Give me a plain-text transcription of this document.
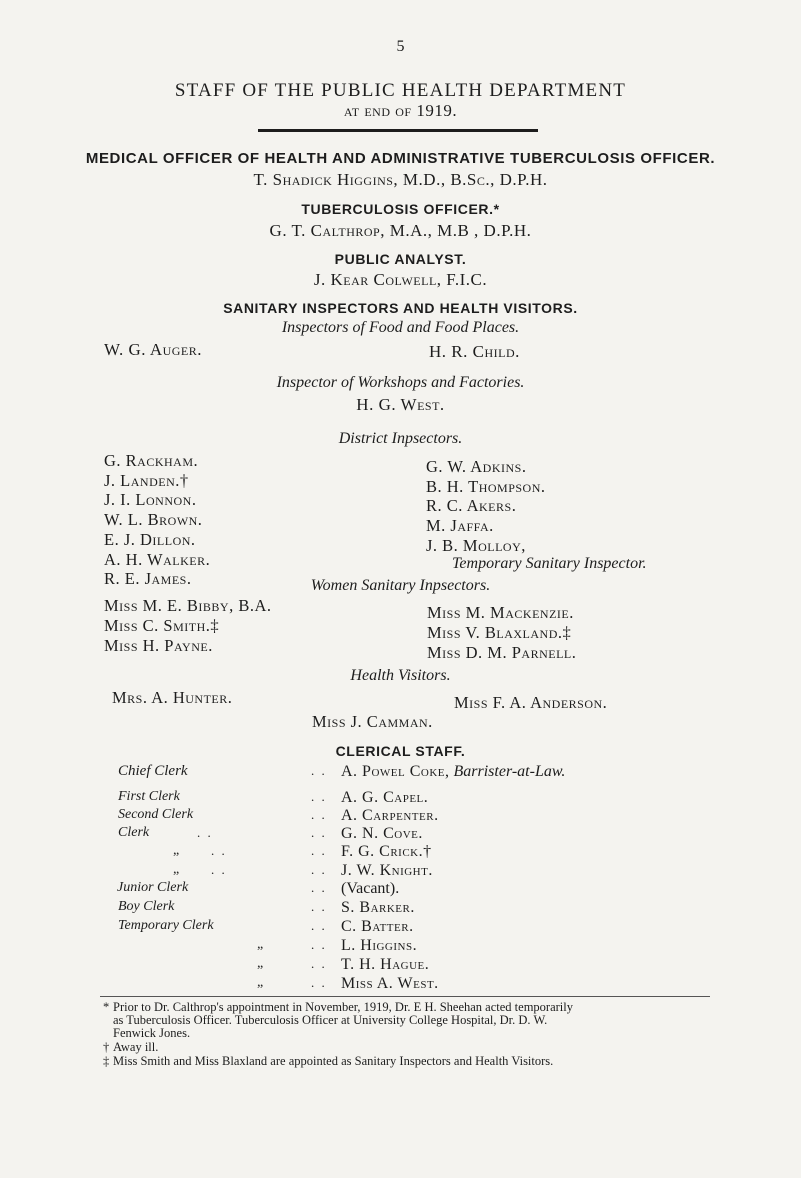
5
STAFF OF THE PUBLIC HEALTH DEPARTMENT
at end of 1919.
MEDICAL OFFICER OF HEALTH AND ADMINISTRATIVE TUBERCULOSIS OFFICER.
T. Shadick Higgins, M.D., B.Sc., D.P.H.
TUBERCULOSIS OFFICER.*
G. T. Calthrop, M.A., M.B , D.P.H.
PUBLIC ANALYST.
J. Kear Colwell, F.I.C.
SANITARY INSPECTORS AND HEALTH VISITORS.
Inspectors of Food and Food Places.
W. G. Auger.	H. R. Child.
Inspector of Workshops and Factories.
H. G. West.
District Inpsectors.
G. Rackham.
J. Landen.†
J. I. Lonnon.
W. L. Brown.
E. J. Dillon.
A. H. Walker.
R. E. James.
G. W. Adkins.
B. H. Thompson.
R. C. Akers.
M. Jaffa.
J. B. Molloy,
Temporary Sanitary Inspector.
Women Sanitary Inpsectors.
Miss M. E. Bibby, B.A.
Miss C. Smith.‡
Miss H. Payne.
Miss M. Mackenzie.
Miss V. Blaxland.‡
Miss D. M. Parnell.
Health Visitors.
Mrs. A. Hunter.	Miss F. A. Anderson.
Miss J. Camman.
CLERICAL STAFF.
Chief Clerk	. . A. Powel Coke, Barrister-at-Law.
First Clerk	. . A. G. Capel.
Second Clerk	. . A. Carpenter.
Clerk	. .	. . G. N. Cove.
„ . .	. . F. G. Crick.†
„ . .	. . J. W. Knight.
Junior Clerk	. . (Vacant).
Boy Clerk	. . S. Barker.
Temporary Clerk	. . C. Batter.
„	. . L. Higgins.
„	. . T. H. Hague.
„	. . Miss A. West.
* Prior to Dr. Calthrop's appointment in November, 1919, Dr. E H. Sheehan acted temporarily
as Tuberculosis Officer. Tuberculosis Officer at University College Hospital, Dr. D. W.
Fenwick Jones.
† Away ill.
‡ Miss Smith and Miss Blaxland are appointed as Sanitary Inspectors and Health Visitors.
